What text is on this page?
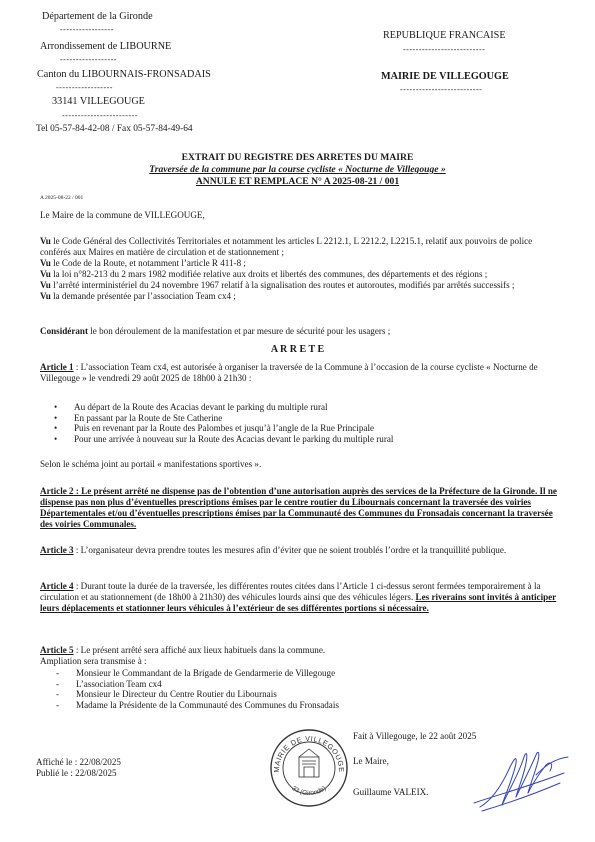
Département de la Gironde
-----------------
Arrondissement de LIBOURNE
------------------
Canton du LIBOURNAIS-FRONSADAIS
------------------
33141 VILLEGOUGE
------------------------
Tel 05-57-84-42-08 / Fax 05-57-84-49-64
REPUBLIQUE FRANCAISE
--------------------------
MAIRIE DE VILLEGOUGE
--------------------------
EXTRAIT DU REGISTRE DES ARRETES DU MAIRE
Traversée de la commune par la course cycliste « Nocturne de Villegouge »
ANNULE ET REMPLACE N° A 2025-08-21 / 001
A 2025-08-22 / 001
Le Maire de la commune de VILLEGOUGE,
Vu le Code Général des Collectivités Territoriales et notamment les articles L 2212.1, L 2212.2, L2215.1, relatif aux pouvoirs de police conférés aux Maires en matière de circulation et de stationnement ;
Vu le Code de la Route, et notamment l’article R 411-8 ;
Vu la loi n°82-213 du 2 mars 1982 modifiée relative aux droits et libertés des communes, des départements et des régions ;
Vu l’arrêté interministériel du 24 novembre 1967 relatif à la signalisation des routes et autoroutes, modifiés par arrêtés successifs ;
Vu la demande présentée par l’association Team cx4 ;
Considérant le bon déroulement de la manifestation et par mesure de sécurité pour les usagers ;
A R R E T E
Article 1 : L’association Team cx4, est autorisée à organiser la traversée de la Commune à l’occasion de la course cycliste « Nocturne de Villegouge » le vendredi 29 août 2025 de 18h00 à 21h30 :
• Au départ de la Route des Acacias devant le parking du multiple rural
• En passant par la Route de Ste Catherine
• Puis en revenant par la Route des Palombes et jusqu’à l’angle de la Rue Principale
• Pour une arrivée à nouveau sur la Route des Acacias devant le parking du multiple rural
Selon le schéma joint au portail « manifestations sportives ».
Article 2 : Le présent arrêté ne dispense pas de l’obtention d’une autorisation auprès des services de la Préfecture de la Gironde. Il ne dispense pas non plus d’éventuelles prescriptions émises par le centre routier du Libournais concernant la traversée des voiries Départementales et/ou d’éventuelles prescriptions émises par la Communauté des Communes du Fronsadais concernant la traversée des voiries Communales.
Article 3 : L’organisateur devra prendre toutes les mesures afin d’éviter que ne soient troublés l’ordre et la tranquillité publique.
Article 4 : Durant toute la durée de la traversée, les différentes routes citées dans l’Article 1 ci-dessus seront fermées temporairement à la circulation et au stationnement (de 18h00 à 21h30) des véhicules lourds ainsi que des véhicules légers. Les riverains sont invités à anticiper leurs déplacements et stationner leurs véhicules à l’extérieur de ses différentes portions si nécessaire.
Article 5 : Le présent arrêté sera affiché aux lieux habituels dans la commune.
Ampliation sera transmise à :
- Monsieur le Commandant de la Brigade de Gendarmerie de Villegouge
- L’association Team cx4
- Monsieur le Directeur du Centre Routier du Libournais
- Madame la Présidente de la Communauté des Communes du Fronsadais
Fait à Villegouge, le 22 août 2025
Le Maire,
Guillaume VALEIX.
Affiché le : 22/08/2025
Publié le : 22/08/2025	MAIRIE DE VILLEGOUGE
33 (Gironde)
